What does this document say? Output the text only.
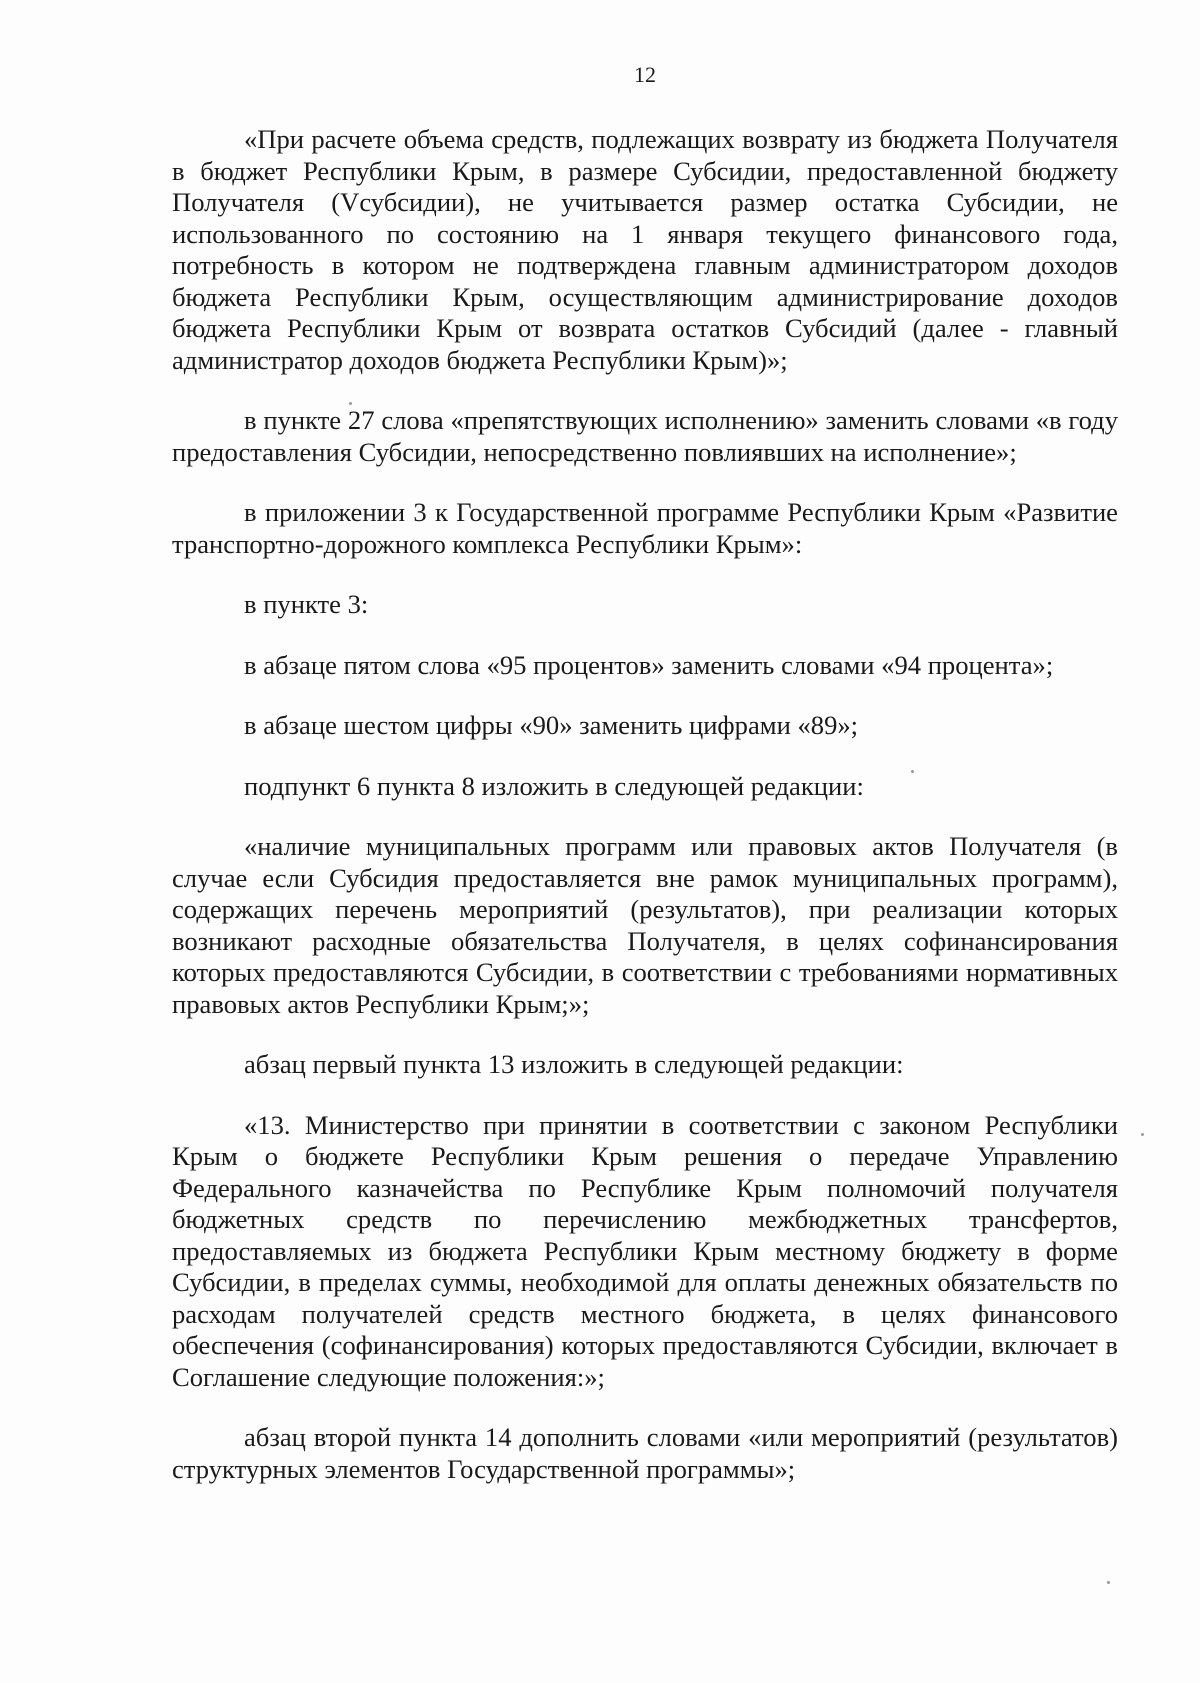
12

«При расчете объема средств, подлежащих возврату из бюджета Получателя в бюджет Республики Крым, в размере Субсидии, предоставленной бюджету Получателя (Vсубсидии), не учитывается размер остатка Субсидии, не использованного по состоянию на 1 января текущего финансового года, потребность в котором не подтверждена главным администратором доходов бюджета Республики Крым, осуществляющим администрирование доходов бюджета Республики Крым от возврата остатков Субсидий (далее - главный администратор доходов бюджета Республики Крым)»;

в пункте 27 слова «препятствующих исполнению» заменить словами «в году предоставления Субсидии, непосредственно повлиявших на исполнение»;

в приложении 3 к Государственной программе Республики Крым «Развитие транспортно-дорожного комплекса Республики Крым»:

в пункте 3:

в абзаце пятом слова «95 процентов» заменить словами «94 процента»;

в абзаце шестом цифры «90» заменить цифрами «89»;

подпункт 6 пункта 8 изложить в следующей редакции:

«наличие муниципальных программ или правовых актов Получателя (в случае если Субсидия предоставляется вне рамок муниципальных программ), содержащих перечень мероприятий (результатов), при реализации которых возникают расходные обязательства Получателя, в целях софинансирования которых предоставляются Субсидии, в соответствии с требованиями нормативных правовых актов Республики Крым;»;

абзац первый пункта 13 изложить в следующей редакции:

«13. Министерство при принятии в соответствии с законом Республики Крым о бюджете Республики Крым решения о передаче Управлению Федерального казначейства по Республике Крым полномочий получателя бюджетных средств по перечислению межбюджетных трансфертов, предоставляемых из бюджета Республики Крым местному бюджету в форме Субсидии, в пределах суммы, необходимой для оплаты денежных обязательств по расходам получателей средств местного бюджета, в целях финансового обеспечения (софинансирования) которых предоставляются Субсидии, включает в Соглашение следующие положения:»;

абзац второй пункта 14 дополнить словами «или мероприятий (результатов) структурных элементов Государственной программы»;
